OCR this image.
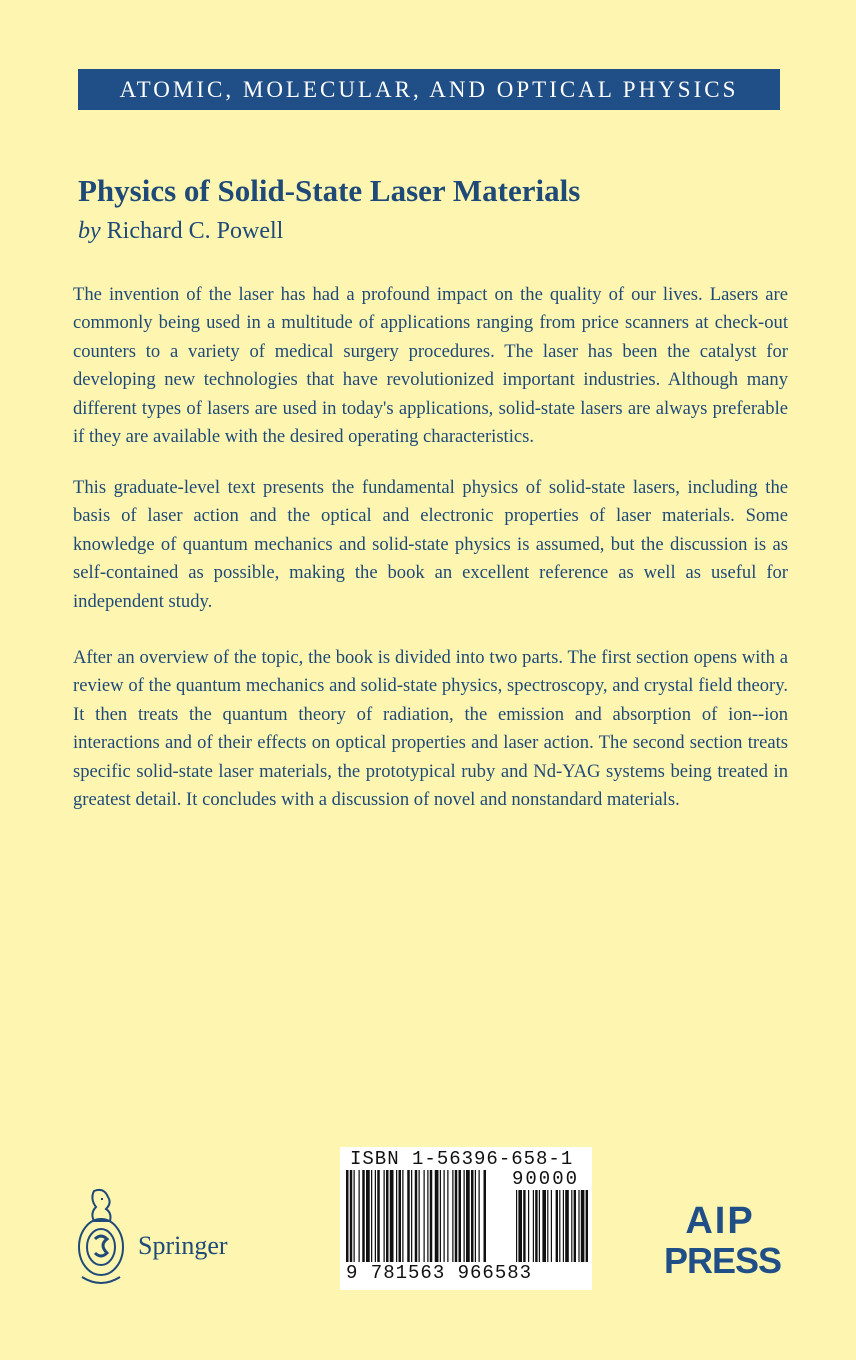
ATOMIC, MOLECULAR, AND OPTICAL PHYSICS
Physics of Solid-State Laser Materials
by Richard C. Powell

The invention of the laser has had a profound impact on the quality of our lives. Lasers are commonly being used in a multitude of applications ranging from price scanners at check-out counters to a variety of medical surgery procedures. The laser has been the catalyst for developing new technologies that have revolutionized important industries. Although many different types of lasers are used in today's applications, solid-state lasers are always preferable if they are available with the desired operating characteristics.

This graduate-level text presents the fundamental physics of solid-state lasers, including the basis of laser action and the optical and electronic properties of laser materials. Some knowledge of quantum mechanics and solid-state physics is assumed, but the discussion is as self-contained as possible, making the book an excellent reference as well as useful for independent study.

After an overview of the topic, the book is divided into two parts. The first section opens with a review of the quantum mechanics and solid-state physics, spectroscopy, and crystal field theory. It then treats the quantum theory of radiation, the emission and absorption of ion--ion interactions and of their effects on optical properties and laser action. The second section treats specific solid-state laser materials, the prototypical ruby and Nd-YAG systems being treated in greatest detail. It concludes with a discussion of novel and nonstandard materials.

Springer
ISBN 1-56396-658-1
90000
9 781563 966583
AIP
PRESS
